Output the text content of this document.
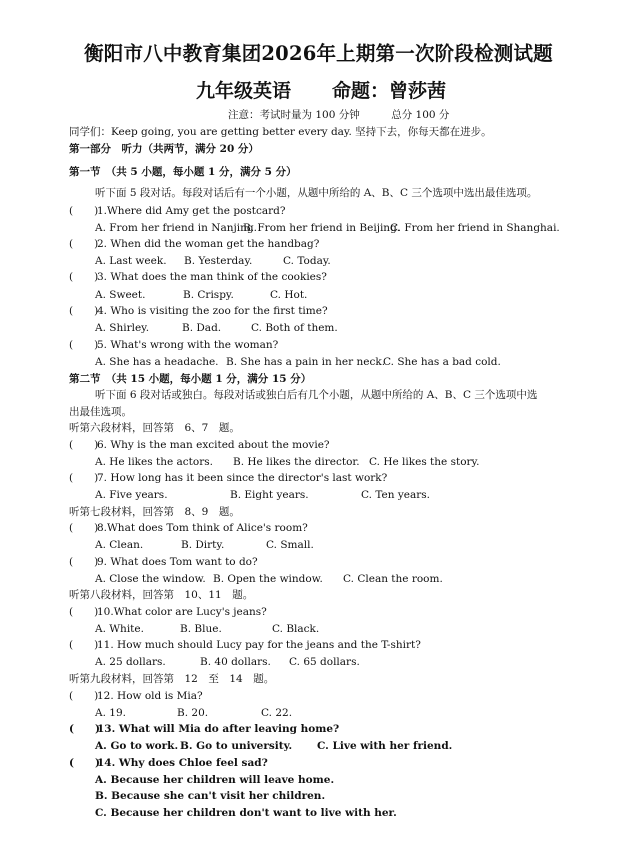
衡阳市八中教育集团2026年上期第一次阶段检测试题
九年级英语 命题：曾莎茜
注意：考试时量为 100 分钟　　　总分 100 分
同学们：Keep going, you are getting better every day. 坚持下去，你每天都在进步。
第一部分　听力（共两节，满分 20 分）
第一节　（共 5 小题，每小题 1 分，满分 5 分）
听下面 5 段对话。每段对话后有一个小题，从题中所给的 A、B、C 三个选项中选出最佳选项。
(　　)
1.Where did Amy get the postcard?
A. From her friend in Nanjing.
B. From her friend in Beijing.
C. From her friend in Shanghai.
(　　)
2. When did the woman get the handbag?
A. Last week. B. Yesterday.	C. Today.
(　　)
3. What does the man think of the cookies?
A. Sweet.	B. Crispy.	C. Hot.
(　　)
4. Who is visiting the zoo for the first time?
A. Shirley.	B. Dad.	C. Both of them.
(　　)
5. What's wrong with the woman?
A. She has a headache. B. She has a pain in her neck.
C. She has a bad cold.
第二节　（共 15 小题，每小题 1 分，满分 15 分）
听下面 6 段对话或独白。每段对话或独白后有几个小题，从题中所给的 A、B、C 三个选项中选
出最佳选项。
听第六段材料，回答第　6、7　题。
(　　)
6. Why is the man excited about the movie?
A. He likes the actors. B. He likes the director. C. He likes the story.
(　　)
7. How long has it been since the director's last work?
A. Five years.	B. Eight years.	C. Ten years.
听第七段材料，回答第　8、9　题。
(　　)
8.What does Tom think of Alice's room?
A. Clean.	B. Dirty.	C. Small.
(　　)
9. What does Tom want to do?
A. Close the window. B. Open the window. C. Clean the room.
听第八段材料，回答第　10、11　题。
(　　)
10.What color are Lucy's jeans?
A. White.	B. Blue.	C. Black.
(　　)
11. How much should Lucy pay for the jeans and the T-shirt?
A. 25 dollars.	B. 40 dollars. C. 65 dollars.
听第九段材料，回答第　12　至　14　题。
(　　)
12. How old is Mia?
A. 19.	B. 20.	C. 22.
(　　)
13. What will Mia do after leaving home?
A. Go to work. B. Go to university. C. Live with her friend.
(　　)
14. Why does Chloe feel sad?
A. Because her children will leave home.
B. Because she can't visit her children.
C. Because her children don't want to live with her.
